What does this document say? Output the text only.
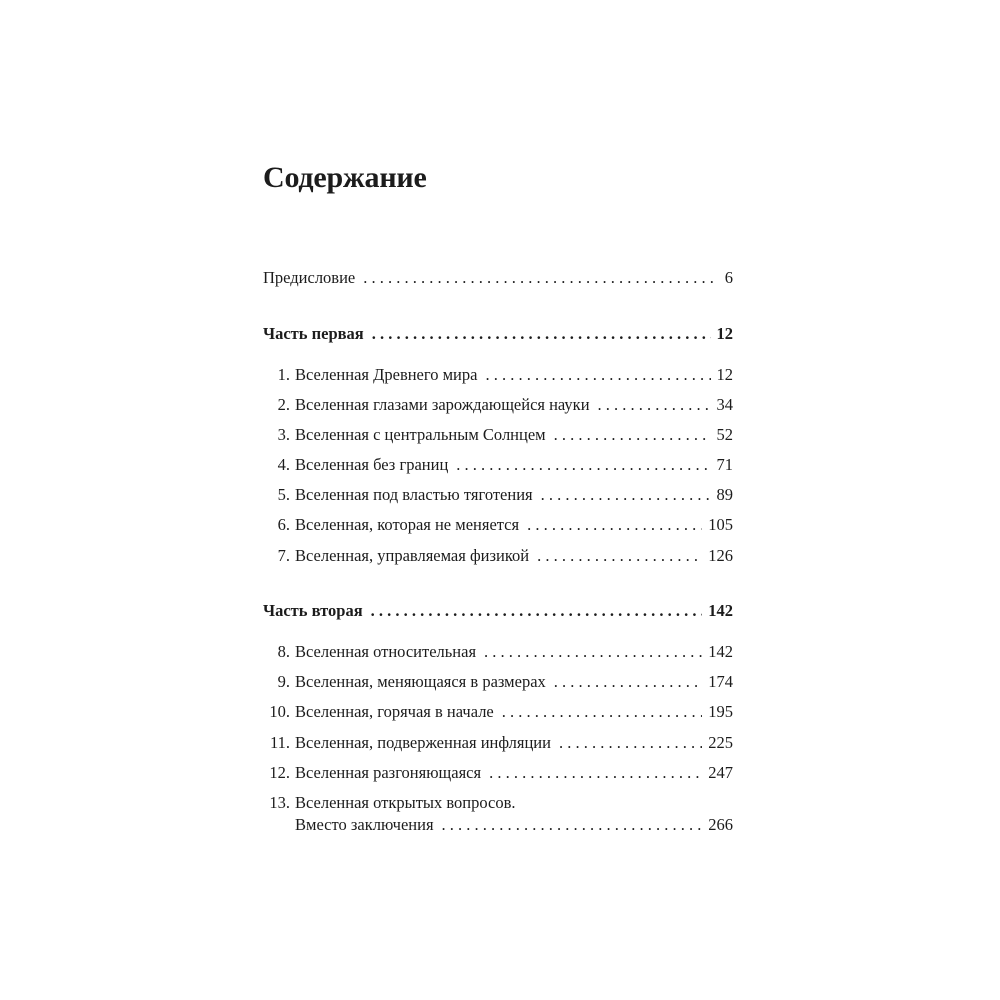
Содержание
Предисловие . . .	6
Часть первая . . .	12
1. Вселенная Древнего мира . . .	12
2. Вселенная глазами зарождающейся науки . . .	34
3. Вселенная с центральным Солнцем . . .	52
4. Вселенная без границ . . .	71
5. Вселенная под властью тяготения . . .	89
6. Вселенная, которая не меняется . . .	105
7. Вселенная, управляемая физикой . . .	126
Часть вторая . . .	142
8. Вселенная относительная . . .	142
9. Вселенная, меняющаяся в размерах . . .	174
10. Вселенная, горячая в начале . . .	195
11. Вселенная, подверженная инфляции . . .	225
12. Вселенная разгоняющаяся . . .	247
13. Вселенная открытых вопросов.
Вместо заключения . . .	266
